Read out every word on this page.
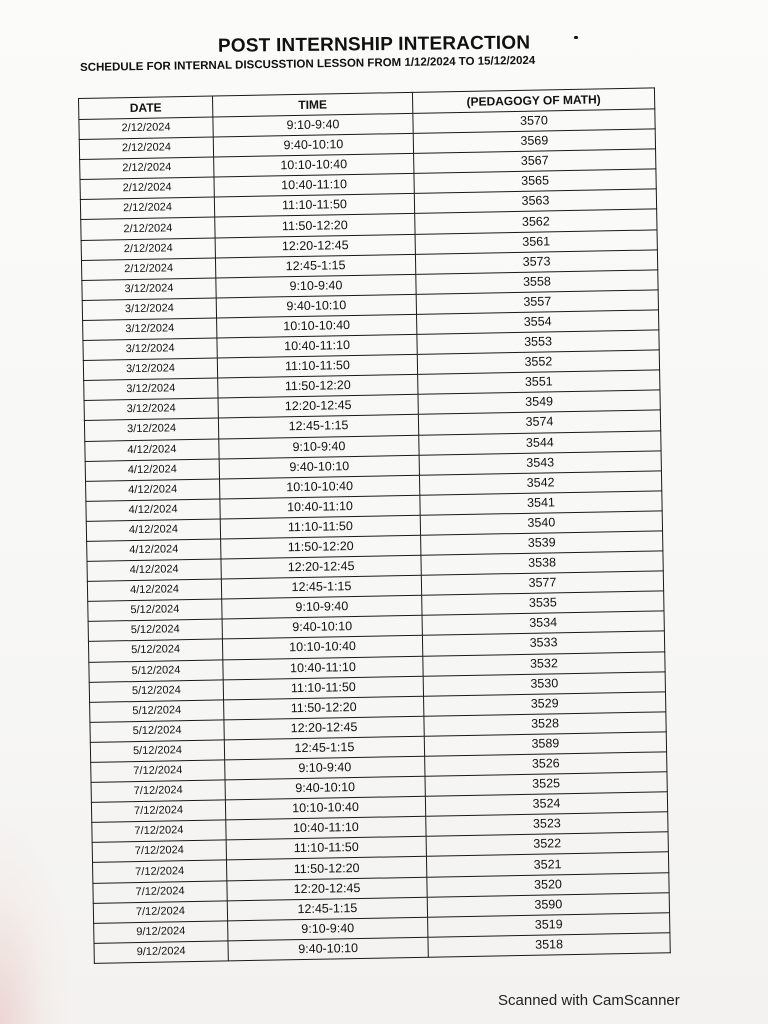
POST INTERNSHIP INTERACTION
SCHEDULE FOR INTERNAL DISCUSSTION LESSON FROM 1/12/2024 TO 15/12/2024
DATE	TIME	(PEDAGOGY OF MATH)
2/12/2024	9:10-9:40	3570
2/12/2024	9:40-10:10	3569
2/12/2024	10:10-10:40	3567
2/12/2024	10:40-11:10	3565
2/12/2024	11:10-11:50	3563
2/12/2024	11:50-12:20	3562
2/12/2024	12:20-12:45	3561
2/12/2024	12:45-1:15	3573
3/12/2024	9:10-9:40	3558
3/12/2024	9:40-10:10	3557
3/12/2024	10:10-10:40	3554
3/12/2024	10:40-11:10	3553
3/12/2024	11:10-11:50	3552
3/12/2024	11:50-12:20	3551
3/12/2024	12:20-12:45	3549
3/12/2024	12:45-1:15	3574
4/12/2024	9:10-9:40	3544
4/12/2024	9:40-10:10	3543
4/12/2024	10:10-10:40	3542
4/12/2024	10:40-11:10	3541
4/12/2024	11:10-11:50	3540
4/12/2024	11:50-12:20	3539
4/12/2024	12:20-12:45	3538
4/12/2024	12:45-1:15	3577
5/12/2024	9:10-9:40	3535
5/12/2024	9:40-10:10	3534
5/12/2024	10:10-10:40	3533
5/12/2024	10:40-11:10	3532
5/12/2024	11:10-11:50	3530
5/12/2024	11:50-12:20	3529
5/12/2024	12:20-12:45	3528
5/12/2024	12:45-1:15	3589
7/12/2024	9:10-9:40	3526
7/12/2024	9:40-10:10	3525
7/12/2024	10:10-10:40	3524
7/12/2024	10:40-11:10	3523
7/12/2024	11:10-11:50	3522
7/12/2024	11:50-12:20	3521
7/12/2024	12:20-12:45	3520
7/12/2024	12:45-1:15	3590
9/12/2024	9:10-9:40	3519
9/12/2024	9:40-10:10	3518
Scanned with CamScanner
